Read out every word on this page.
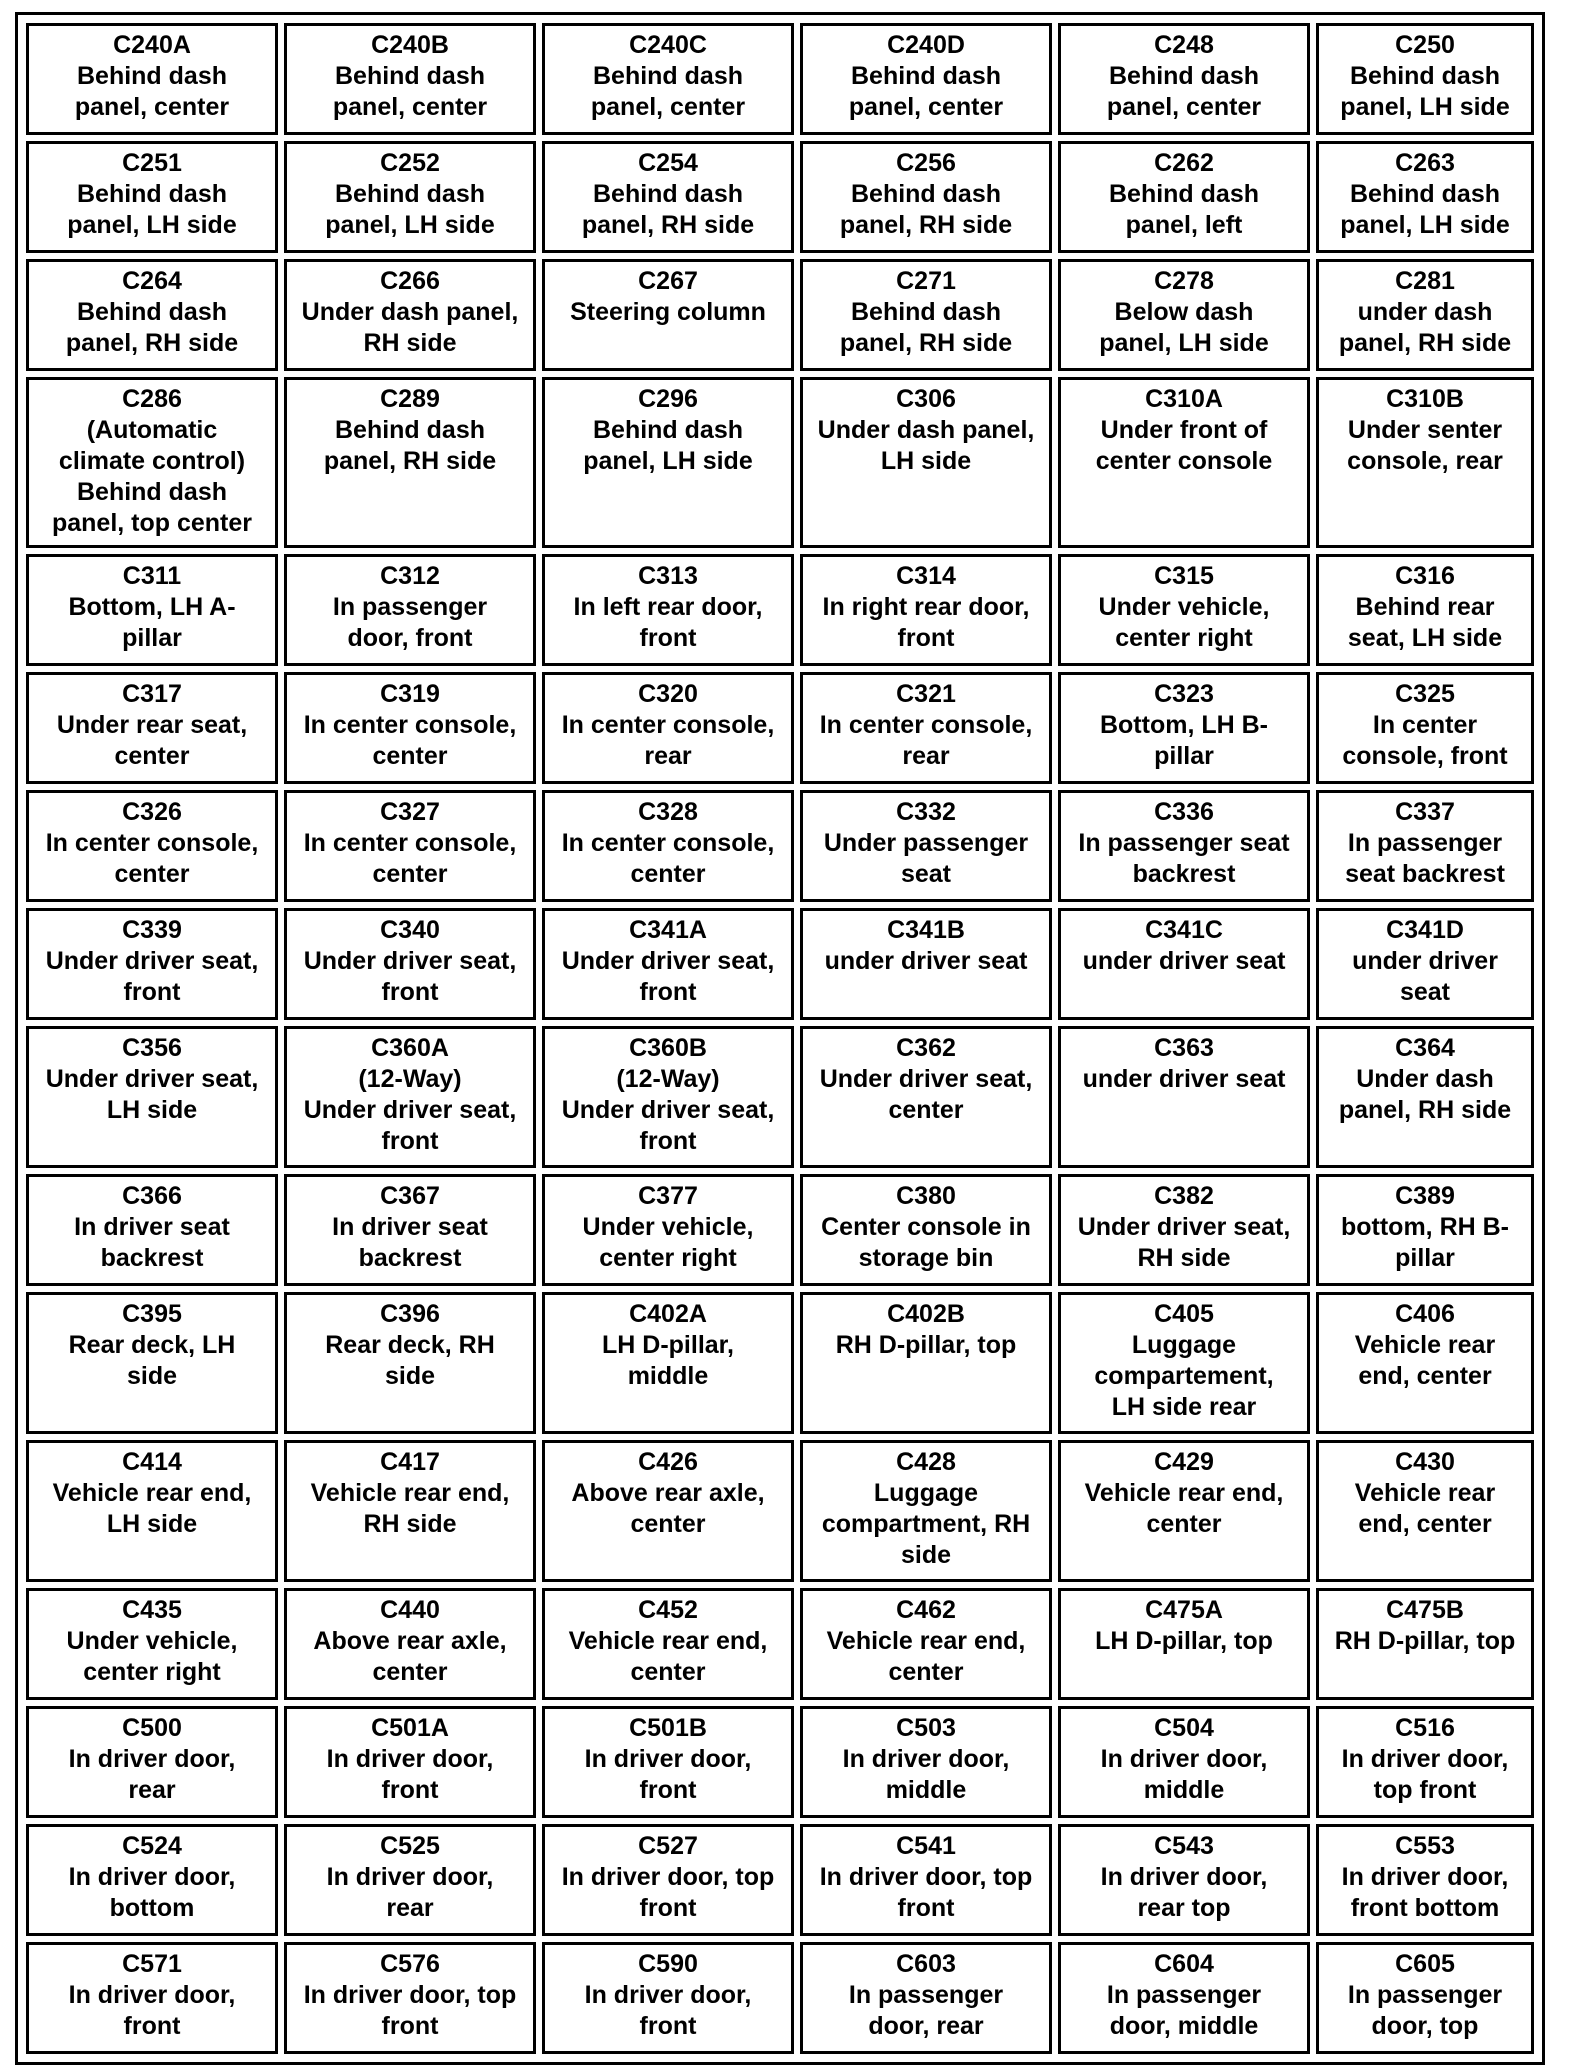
C240A
Behind dash
panel, center	C240B
Behind dash
panel, center	C240C
Behind dash
panel, center	C240D
Behind dash
panel, center	C248
Behind dash
panel, center	C250
Behind dash
panel, LH side

C251
Behind dash
panel, LH side	C252
Behind dash
panel, LH side	C254
Behind dash
panel, RH side	C256
Behind dash
panel, RH side	C262
Behind dash
panel, left	C263
Behind dash
panel, LH side

C264
Behind dash
panel, RH side	C266
Under dash panel,
RH side	C267
Steering column	C271
Behind dash
panel, RH side	C278
Below dash
panel, LH side	C281
under dash
panel, RH side

C286
(Automatic
climate control)
Behind dash
panel, top center	C289
Behind dash
panel, RH side	C296
Behind dash
panel, LH side	C306
Under dash panel,
LH side	C310A
Under front of
center console	C310B
Under senter
console, rear

C311
Bottom, LH A-
pillar	C312
In passenger
door, front	C313
In left rear door,
front	C314
In right rear door,
front	C315
Under vehicle,
center right	C316
Behind rear
seat, LH side

C317
Under rear seat,
center	C319
In center console,
center	C320
In center console,
rear	C321
In center console,
rear	C323
Bottom, LH B-
pillar	C325
In center
console, front

C326
In center console,
center	C327
In center console,
center	C328
In center console,
center	C332
Under passenger
seat	C336
In passenger seat
backrest	C337
In passenger
seat backrest

C339
Under driver seat,
front	C340
Under driver seat,
front	C341A
Under driver seat,
front	C341B
under driver seat	C341C
under driver seat	C341D
under driver
seat

C356
Under driver seat,
LH side	C360A
(12-Way)
Under driver seat,
front	C360B
(12-Way)
Under driver seat,
front	C362
Under driver seat,
center	C363
under driver seat	C364
Under dash
panel, RH side

C366
In driver seat
backrest	C367
In driver seat
backrest	C377
Under vehicle,
center right	C380
Center console in
storage bin	C382
Under driver seat,
RH side	C389
bottom, RH B-
pillar

C395
Rear deck, LH
side	C396
Rear deck, RH
side	C402A
LH D-pillar,
middle	C402B
RH D-pillar, top	C405
Luggage
compartement,
LH side rear	C406
Vehicle rear
end, center

C414
Vehicle rear end,
LH side	C417
Vehicle rear end,
RH side	C426
Above rear axle,
center	C428
Luggage
compartment, RH
side	C429
Vehicle rear end,
center	C430
Vehicle rear
end, center

C435
Under vehicle,
center right	C440
Above rear axle,
center	C452
Vehicle rear end,
center	C462
Vehicle rear end,
center	C475A
LH D-pillar, top	C475B
RH D-pillar, top

C500
In driver door,
rear	C501A
In driver door,
front	C501B
In driver door,
front	C503
In driver door,
middle	C504
In driver door,
middle	C516
In driver door,
top front

C524
In driver door,
bottom	C525
In driver door,
rear	C527
In driver door, top
front	C541
In driver door, top
front	C543
In driver door,
rear top	C553
In driver door,
front bottom

C571
In driver door,
front	C576
In driver door, top
front	C590
In driver door,
front	C603
In passenger
door, rear	C604
In passenger
door, middle	C605
In passenger
door, top
